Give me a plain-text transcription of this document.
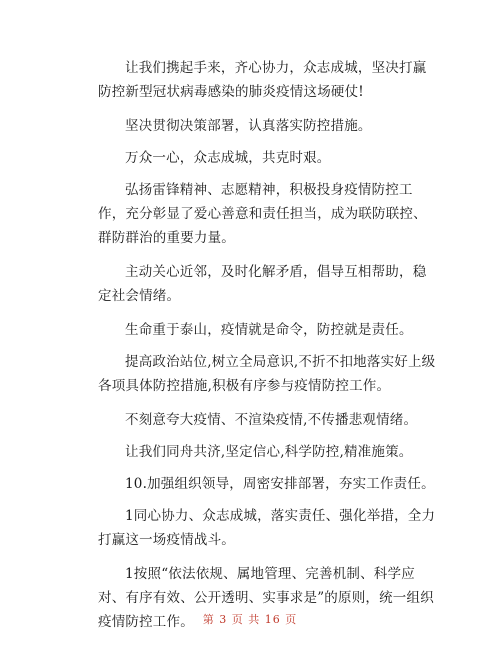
让我们携起手来，齐心协力，众志成城，坚决打赢防控新型冠状病毒感染的肺炎疫情这场硬仗!

坚决贯彻决策部署，认真落实防控措施。

万众一心，众志成城，共克时艰。

弘扬雷锋精神、志愿精神，积极投身疫情防控工作，充分彰显了爱心善意和责任担当，成为联防联控、群防群治的重要力量。

主动关心近邻，及时化解矛盾，倡导互相帮助，稳定社会情绪。

生命重于泰山，疫情就是命令，防控就是责任。

提高政治站位,树立全局意识,不折不扣地落实好上级各项具体防控措施,积极有序参与疫情防控工作。

不刻意夸大疫情、不渲染疫情,不传播悲观情绪。

让我们同舟共济,坚定信心,科学防控,精准施策。

10.加强组织领导，周密安排部署，夯实工作责任。

1同心协力、众志成城，落实责任、强化举措，全力打赢这一场疫情战斗。

1按照“依法依规、属地管理、完善机制、科学应对、有序有效、公开透明、实事求是”的原则，统一组织疫情防控工作。 第 3 页 共 16 页
